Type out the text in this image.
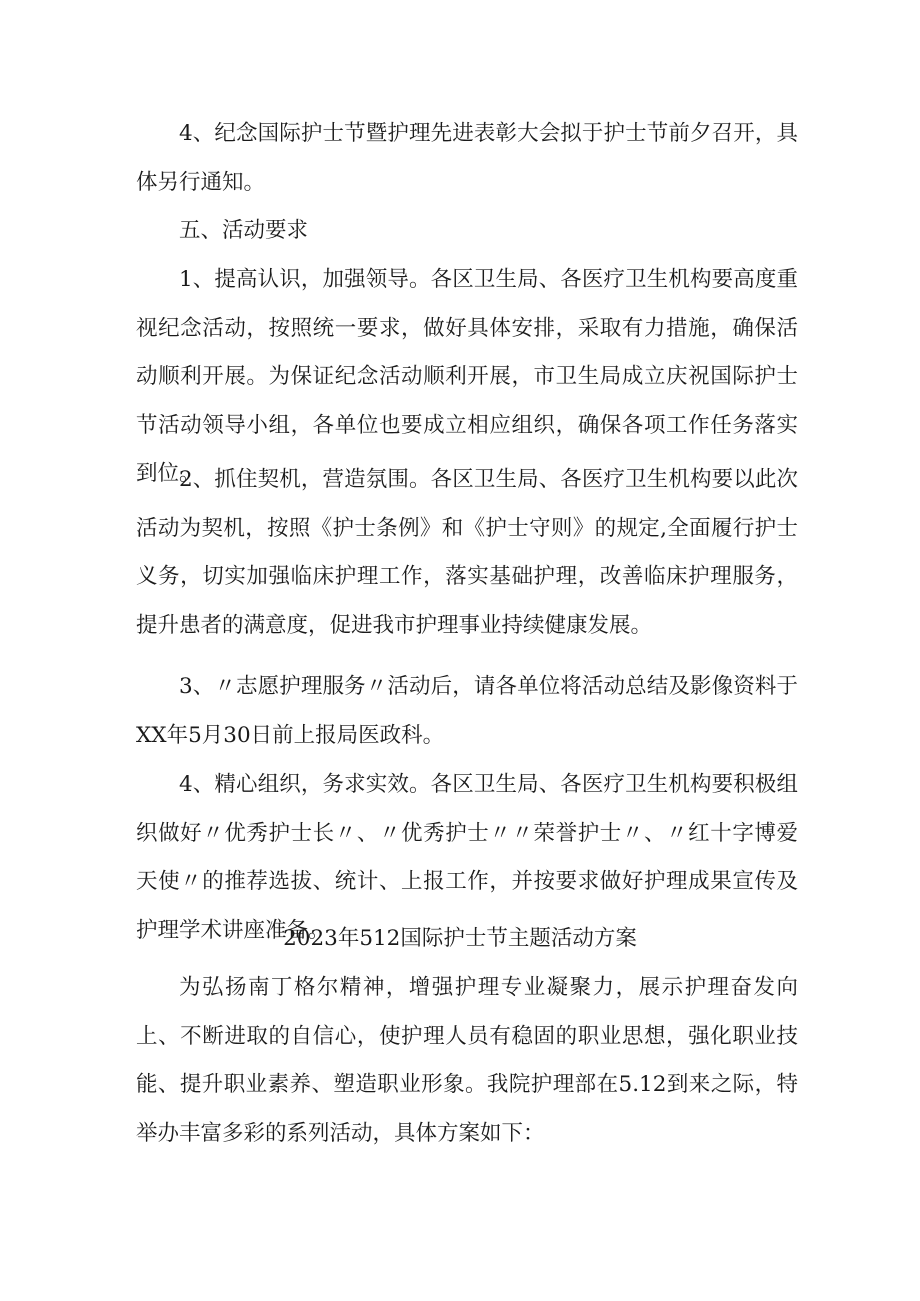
4、纪念国际护士节暨护理先进表彰大会拟于护士节前夕召开，具体另行通知。

五、活动要求

1、提高认识，加强领导。各区卫生局、各医疗卫生机构要高度重视纪念活动，按照统一要求，做好具体安排，采取有力措施，确保活动顺利开展。为保证纪念活动顺利开展，市卫生局成立庆祝国际护士节活动领导小组，各单位也要成立相应组织，确保各项工作任务落实到位。

2、抓住契机，营造氛围。各区卫生局、各医疗卫生机构要以此次活动为契机，按照《护士条例》和《护士守则》的规定,全面履行护士义务，切实加强临床护理工作，落实基础护理，改善临床护理服务，提升患者的满意度，促进我市护理事业持续健康发展。

3、〃志愿护理服务〃活动后，请各单位将活动总结及影像资料于XX年5月30日前上报局医政科。

4、精心组织，务求实效。各区卫生局、各医疗卫生机构要积极组织做好〃优秀护士长〃、〃优秀护士〃〃荣誉护士〃、〃红十字博爱天使〃的推荐选拔、统计、上报工作，并按要求做好护理成果宣传及护理学术讲座准备。

2023年512国际护士节主题活动方案

为弘扬南丁格尔精神，增强护理专业凝聚力，展示护理奋发向上、不断进取的自信心，使护理人员有稳固的职业思想，强化职业技能、提升职业素养、塑造职业形象。我院护理部在5.12到来之际，特举办丰富多彩的系列活动，具体方案如下：
